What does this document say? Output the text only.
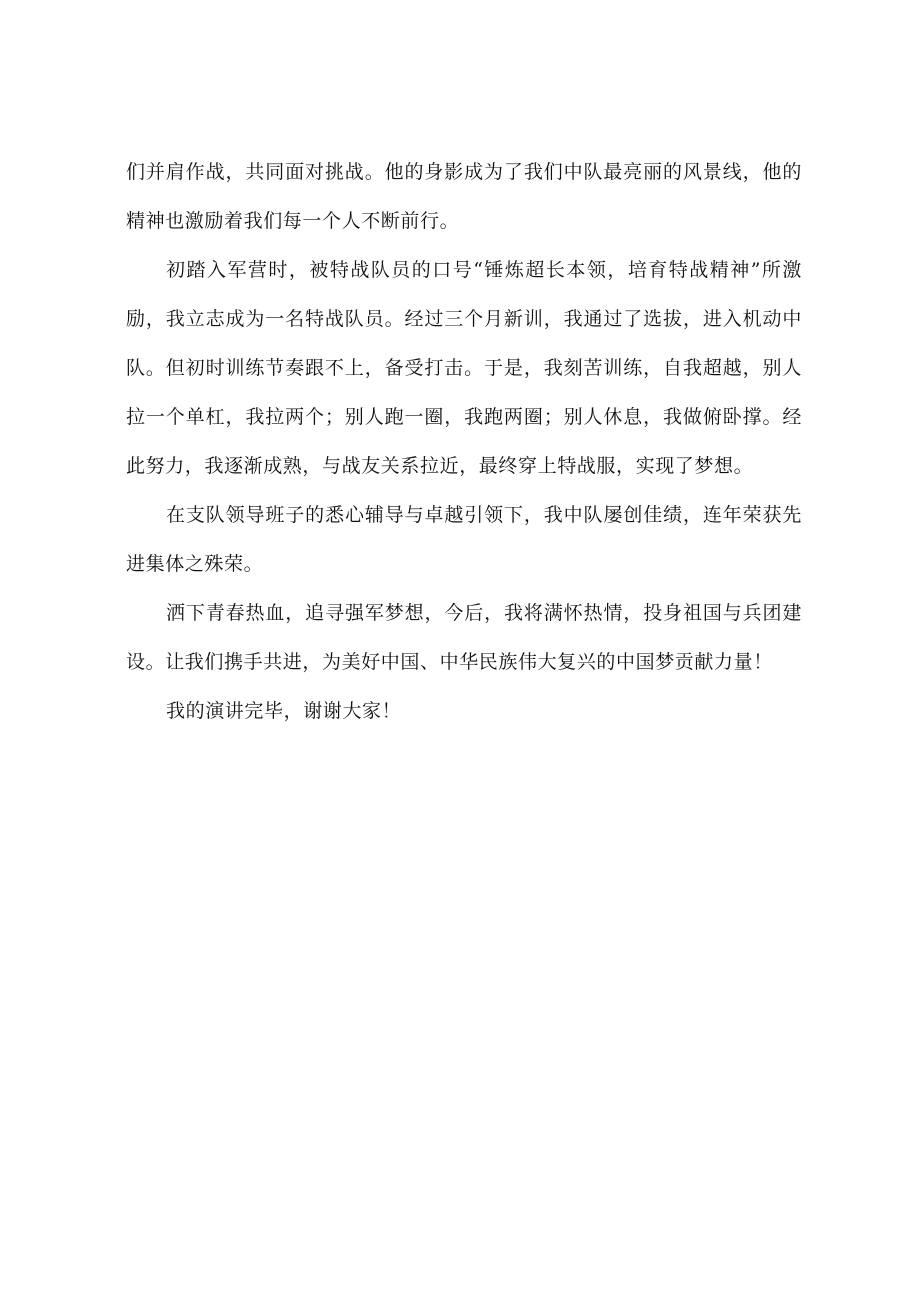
们并肩作战，共同面对挑战。他的身影成为了我们中队最亮丽的风景线，他的精神也激励着我们每一个人不断前行。

初踏入军营时，被特战队员的口号“锤炼超长本领，培育特战精神”所激励，我立志成为一名特战队员。经过三个月新训，我通过了选拔，进入机动中队。但初时训练节奏跟不上，备受打击。于是，我刻苦训练，自我超越，别人拉一个单杠，我拉两个；别人跑一圈，我跑两圈；别人休息，我做俯卧撑。经此努力，我逐渐成熟，与战友关系拉近，最终穿上特战服，实现了梦想。

在支队领导班子的悉心辅导与卓越引领下，我中队屡创佳绩，连年荣获先进集体之殊荣。

洒下青春热血，追寻强军梦想，今后，我将满怀热情，投身祖国与兵团建设。让我们携手共进，为美好中国、中华民族伟大复兴的中国梦贡献力量！

我的演讲完毕，谢谢大家！
